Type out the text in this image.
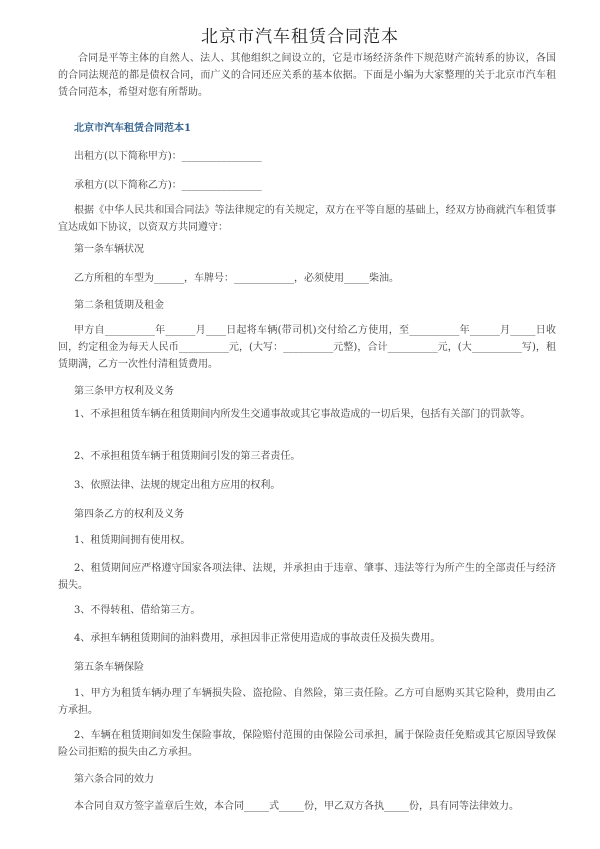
北京市汽车租赁合同范本
合同是平等主体的自然人、法人、其他组织之间设立的，它是市场经济条件下规范财产流转系的协议，各国的合同法规范的都是债权合同，而广义的合同还应关系的基本依据。下面是小编为大家整理的关于北京市汽车租赁合同范本，希望对您有所帮助。
北京市汽车租赁合同范本1
出租方(以下简称甲方)：________________
承租方(以下简称乙方)：________________
根据《中华人民共和国合同法》等法律规定的有关规定，双方在平等自愿的基础上，经双方协商就汽车租赁事宜达成如下协议，以资双方共同遵守：
第一条车辆状况
乙方所租的车型为______，车牌号：____________，必须使用_____柴油。
第二条租赁期及租金
甲方自__________年______月____日起将车辆(带司机)交付给乙方使用，至__________年______月_____日收回，约定租金为每天人民币__________元，(大写：__________元整)，合计__________元，(大__________写)，租赁期满，乙方一次性付清租赁费用。
第三条甲方权利及义务
1、不承担租赁车辆在租赁期间内所发生交通事故或其它事故造成的一切后果，包括有关部门的罚款等。
2、不承担租赁车辆于租赁期间引发的第三者责任。
3、依照法律、法规的规定出租方应用的权利。
第四条乙方的权利及义务
1、租赁期间拥有使用权。
2、租赁期间应严格遵守国家各项法律、法规，并承担由于违章、肇事、违法等行为所产生的全部责任与经济损失。
3、不得转租、借给第三方。
4、承担车辆租赁期间的油料费用，承担因非正常使用造成的事故责任及损失费用。
第五条车辆保险
1、甲方为租赁车辆办理了车辆损失险、盗抢险、自然险，第三责任险。乙方可自愿购买其它险种，费用由乙方承担。
2、车辆在租赁期间如发生保险事故，保险赔付范围的由保险公司承担，属于保险责任免赔或其它原因导致保险公司拒赔的损失由乙方承担。
第六条合同的效力
本合同自双方签字盖章后生效，本合同_____式_____份，甲乙双方各执_____份，具有同等法律效力。
